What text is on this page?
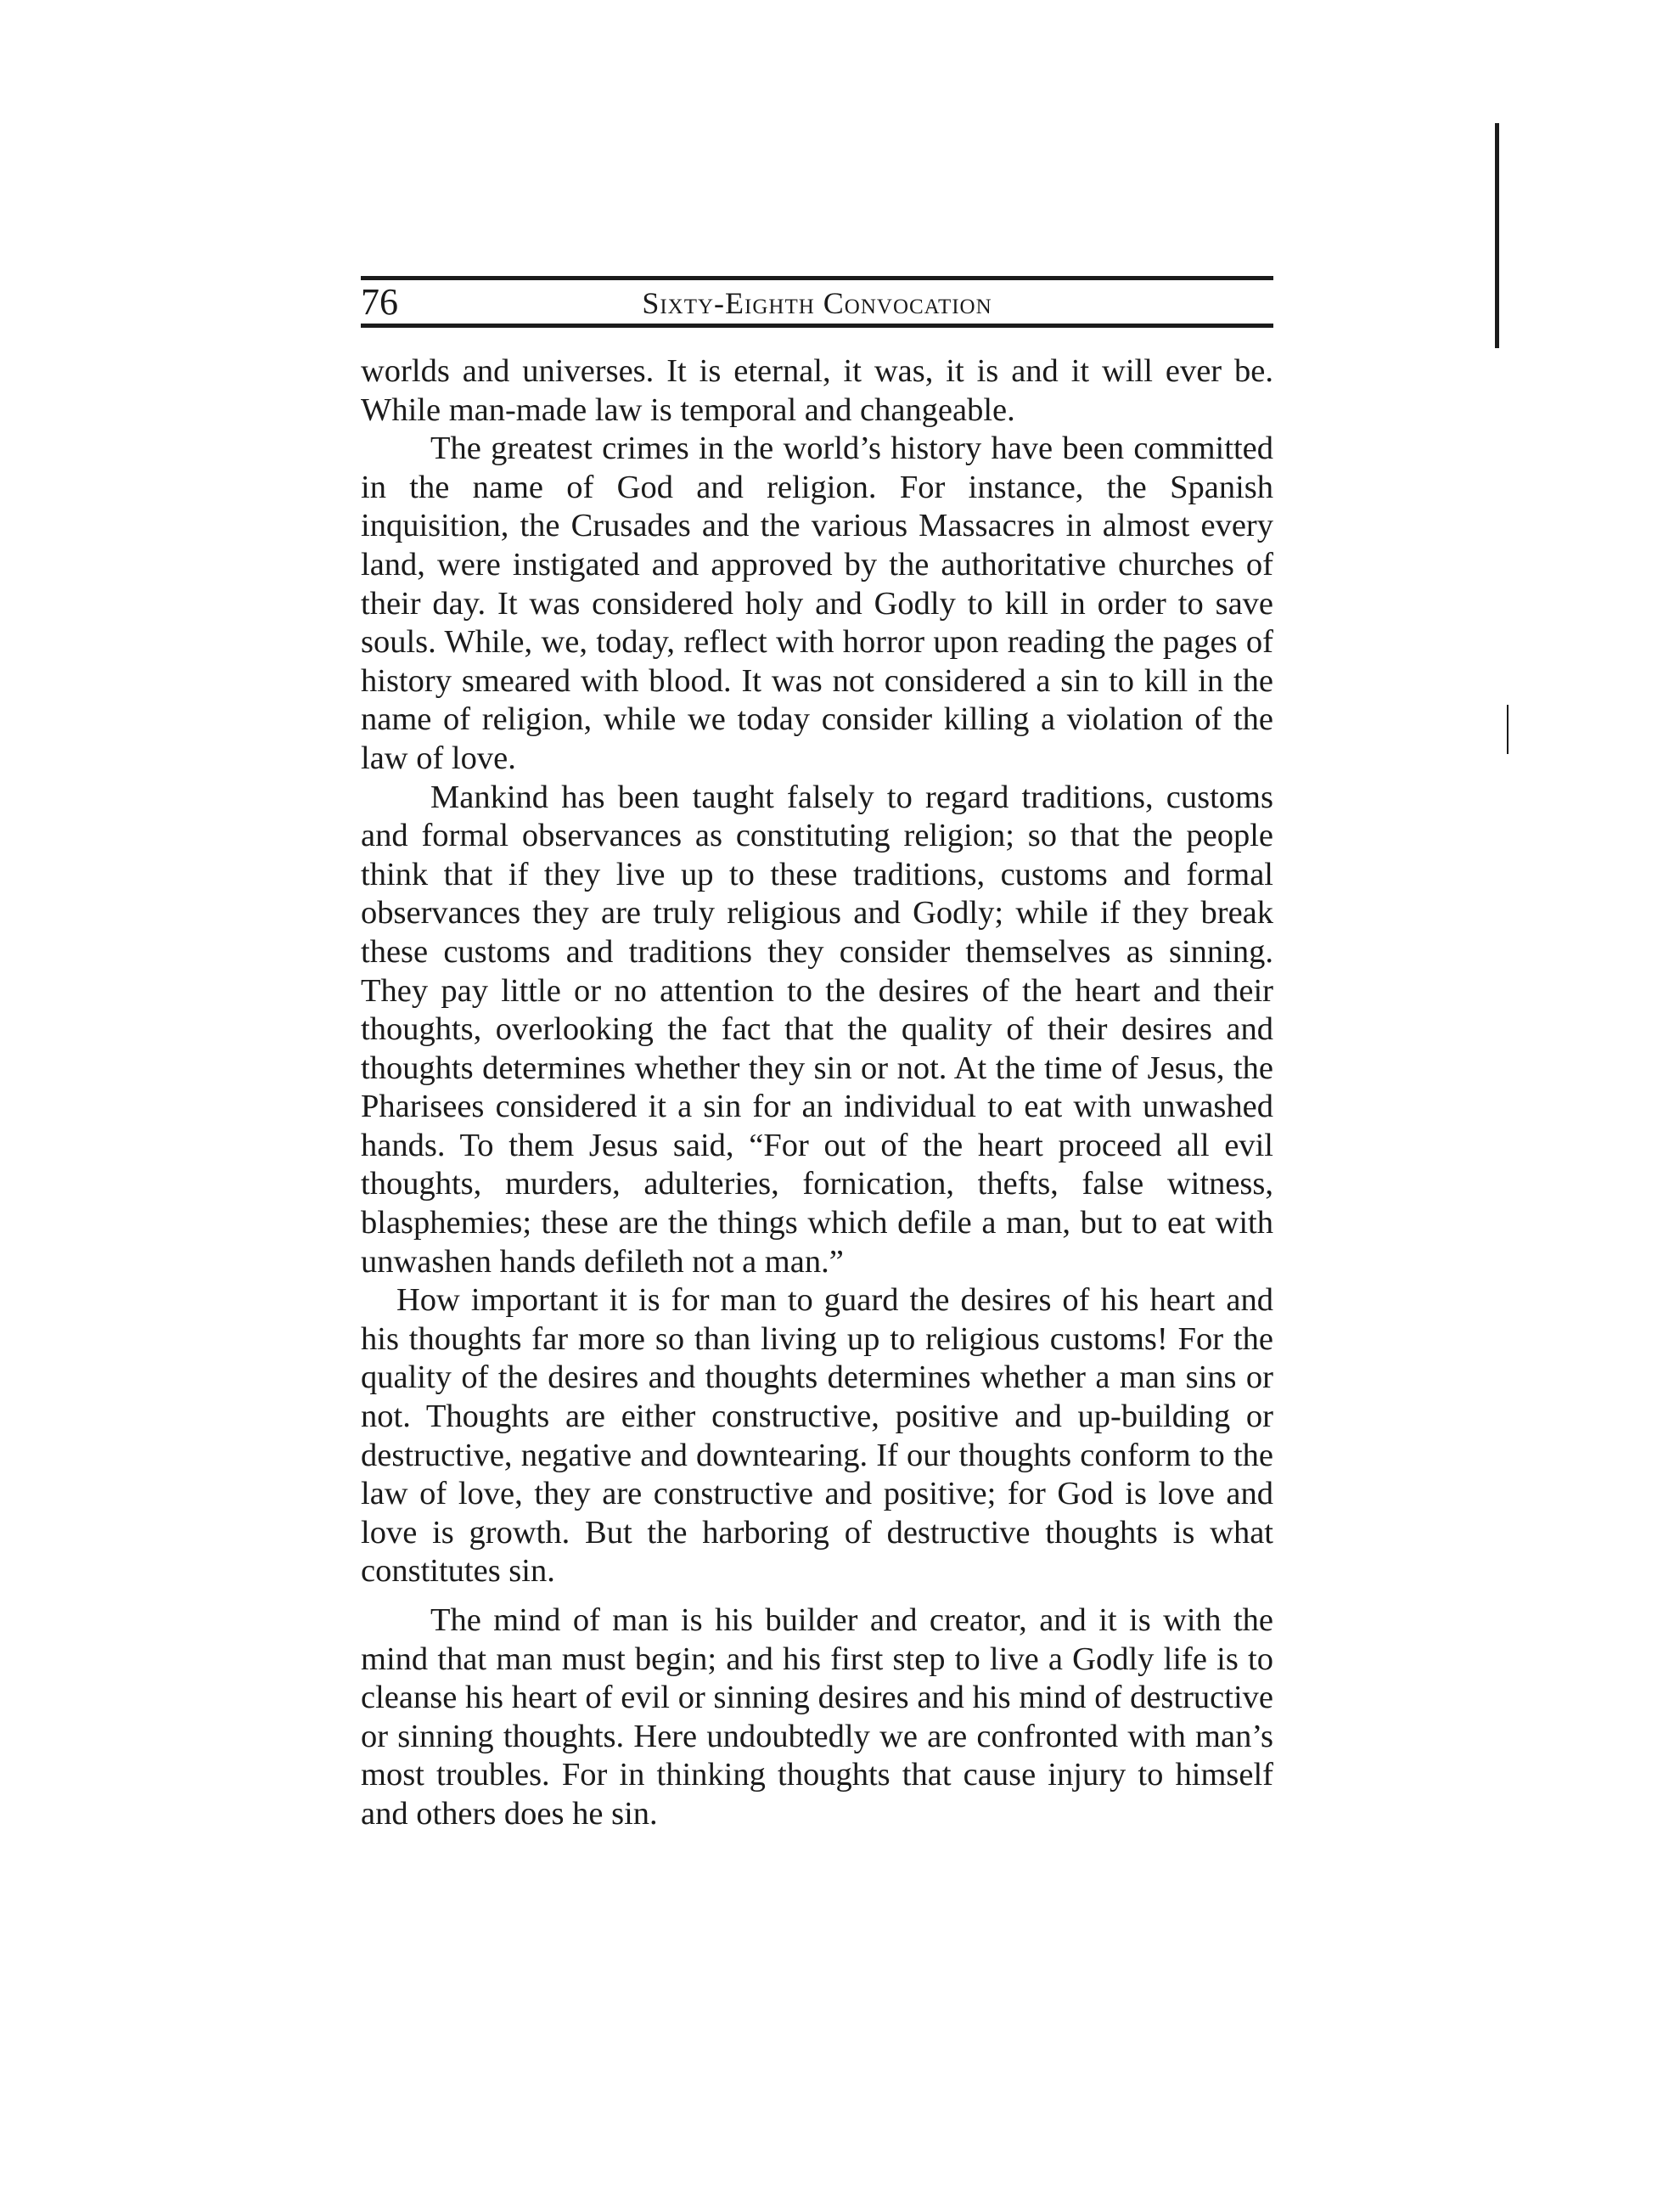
76	Sixty-Eighth Convocation

worlds and universes. It is eternal, it was, it is and it will ever be. While man-made law is temporal and changeable.

The greatest crimes in the world’s history have been committed in the name of God and religion. For instance, the Spanish inquisition, the Crusades and the various Massacres in almost every land, were instigated and approved by the authoritative churches of their day. It was considered holy and Godly to kill in order to save souls. While, we, today, reflect with horror upon reading the pages of history smeared with blood. It was not considered a sin to kill in the name of religion, while we today consider killing a violation of the law of love.

Mankind has been taught falsely to regard traditions, customs and formal observances as constituting religion; so that the people think that if they live up to these traditions, customs and formal observances they are truly religious and Godly; while if they break these customs and traditions they consider themselves as sinning. They pay little or no attention to the desires of the heart and their thoughts, overlooking the fact that the quality of their desires and thoughts determines whether they sin or not. At the time of Jesus, the Pharisees considered it a sin for an individual to eat with unwashed hands. To them Jesus said, “For out of the heart proceed all evil thoughts, murders, adulteries, fornication, thefts, false witness, blasphemies; these are the things which defile a man, but to eat with unwashen hands defileth not a man.”

How important it is for man to guard the desires of his heart and his thoughts far more so than living up to religious customs! For the quality of the desires and thoughts determines whether a man sins or not. Thoughts are either constructive, positive and up-building or destructive, negative and downtearing. If our thoughts conform to the law of love, they are constructive and positive; for God is love and love is growth. But the harboring of destructive thoughts is what constitutes sin.

The mind of man is his builder and creator, and it is with the mind that man must begin; and his first step to live a Godly life is to cleanse his heart of evil or sinning desires and his mind of destructive or sinning thoughts. Here undoubtedly we are confronted with man’s most troubles. For in thinking thoughts that cause injury to himself and others does he sin.
